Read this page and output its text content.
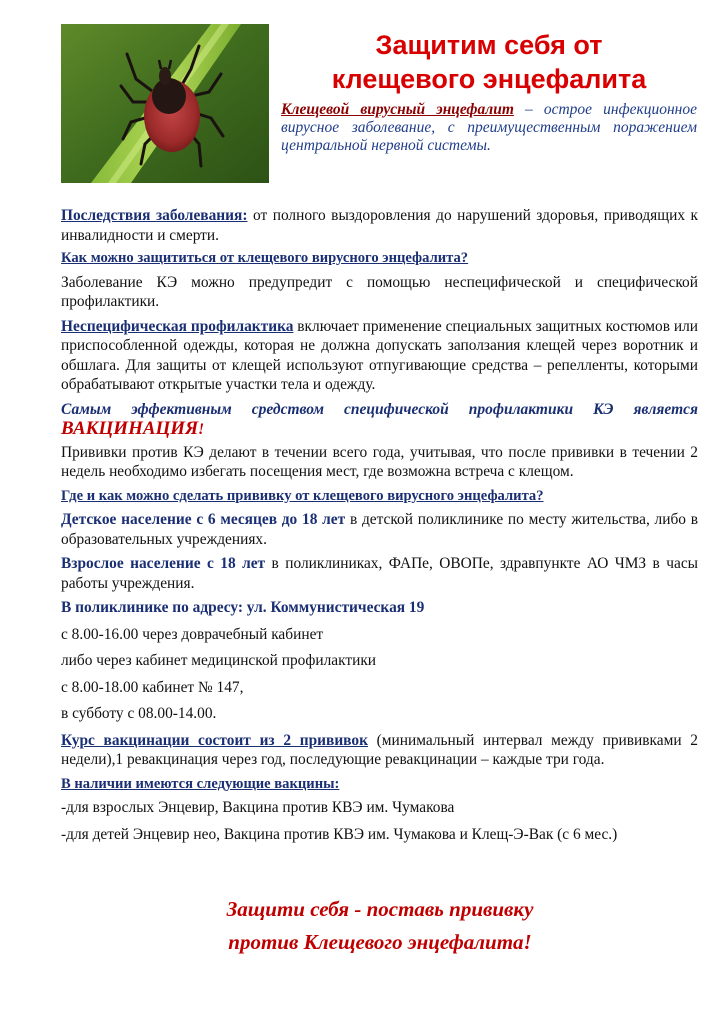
Защитим себя от
клещевого энцефалита
Клещевой вирусный энцефалит – острое инфекционное вирусное заболевание, с преимущественным поражением центральной нервной системы.
Последствия заболевания: от полного выздоровления до нарушений здоровья, приводящих к инвалидности и смерти.
Как можно защититься от клещевого вирусного энцефалита?
Заболевание КЭ можно предупредит с помощью неспецифической и специфической профилактики.
Неспецифическая профилактика включает применение специальных защитных костюмов или приспособленной одежды, которая не должна допускать заползания клещей через воротник и обшлага. Для защиты от клещей используют отпугивающие средства – репелленты, которыми обрабатывают открытые участки тела и одежду.
Самым эффективным средством специфической профилактики КЭ является ВАКЦИНАЦИЯ!
Прививки против КЭ делают в течении всего года, учитывая, что после прививки в течении 2 недель необходимо избегать посещения мест, где возможна встреча с клещом.
Где и как можно сделать прививку от клещевого вирусного энцефалита?
Детское население с 6 месяцев до 18 лет в детской поликлинике по месту жительства, либо в образовательных учреждениях.
Взрослое население с 18 лет в поликлиниках, ФАПе, ОВОПе, здравпункте АО ЧМЗ в часы работы учреждения.
В поликлинике по адресу: ул. Коммунистическая 19
с 8.00-16.00 через доврачебный кабинет
либо через кабинет медицинской профилактики
с 8.00-18.00 кабинет № 147,
в субботу с 08.00-14.00.
Курс вакцинации состоит из 2 прививок (минимальный интервал между прививками 2 недели),1 ревакцинация через год, последующие ревакцинации – каждые три года.
В наличии имеются следующие вакцины:
-для взрослых Энцевир, Вакцина против КВЭ им. Чумакова
-для детей Энцевир нео, Вакцина против КВЭ им. Чумакова и Клещ-Э-Вак (с 6 мес.)
Защити себя - поставь прививку
против Клещевого энцефалита!
